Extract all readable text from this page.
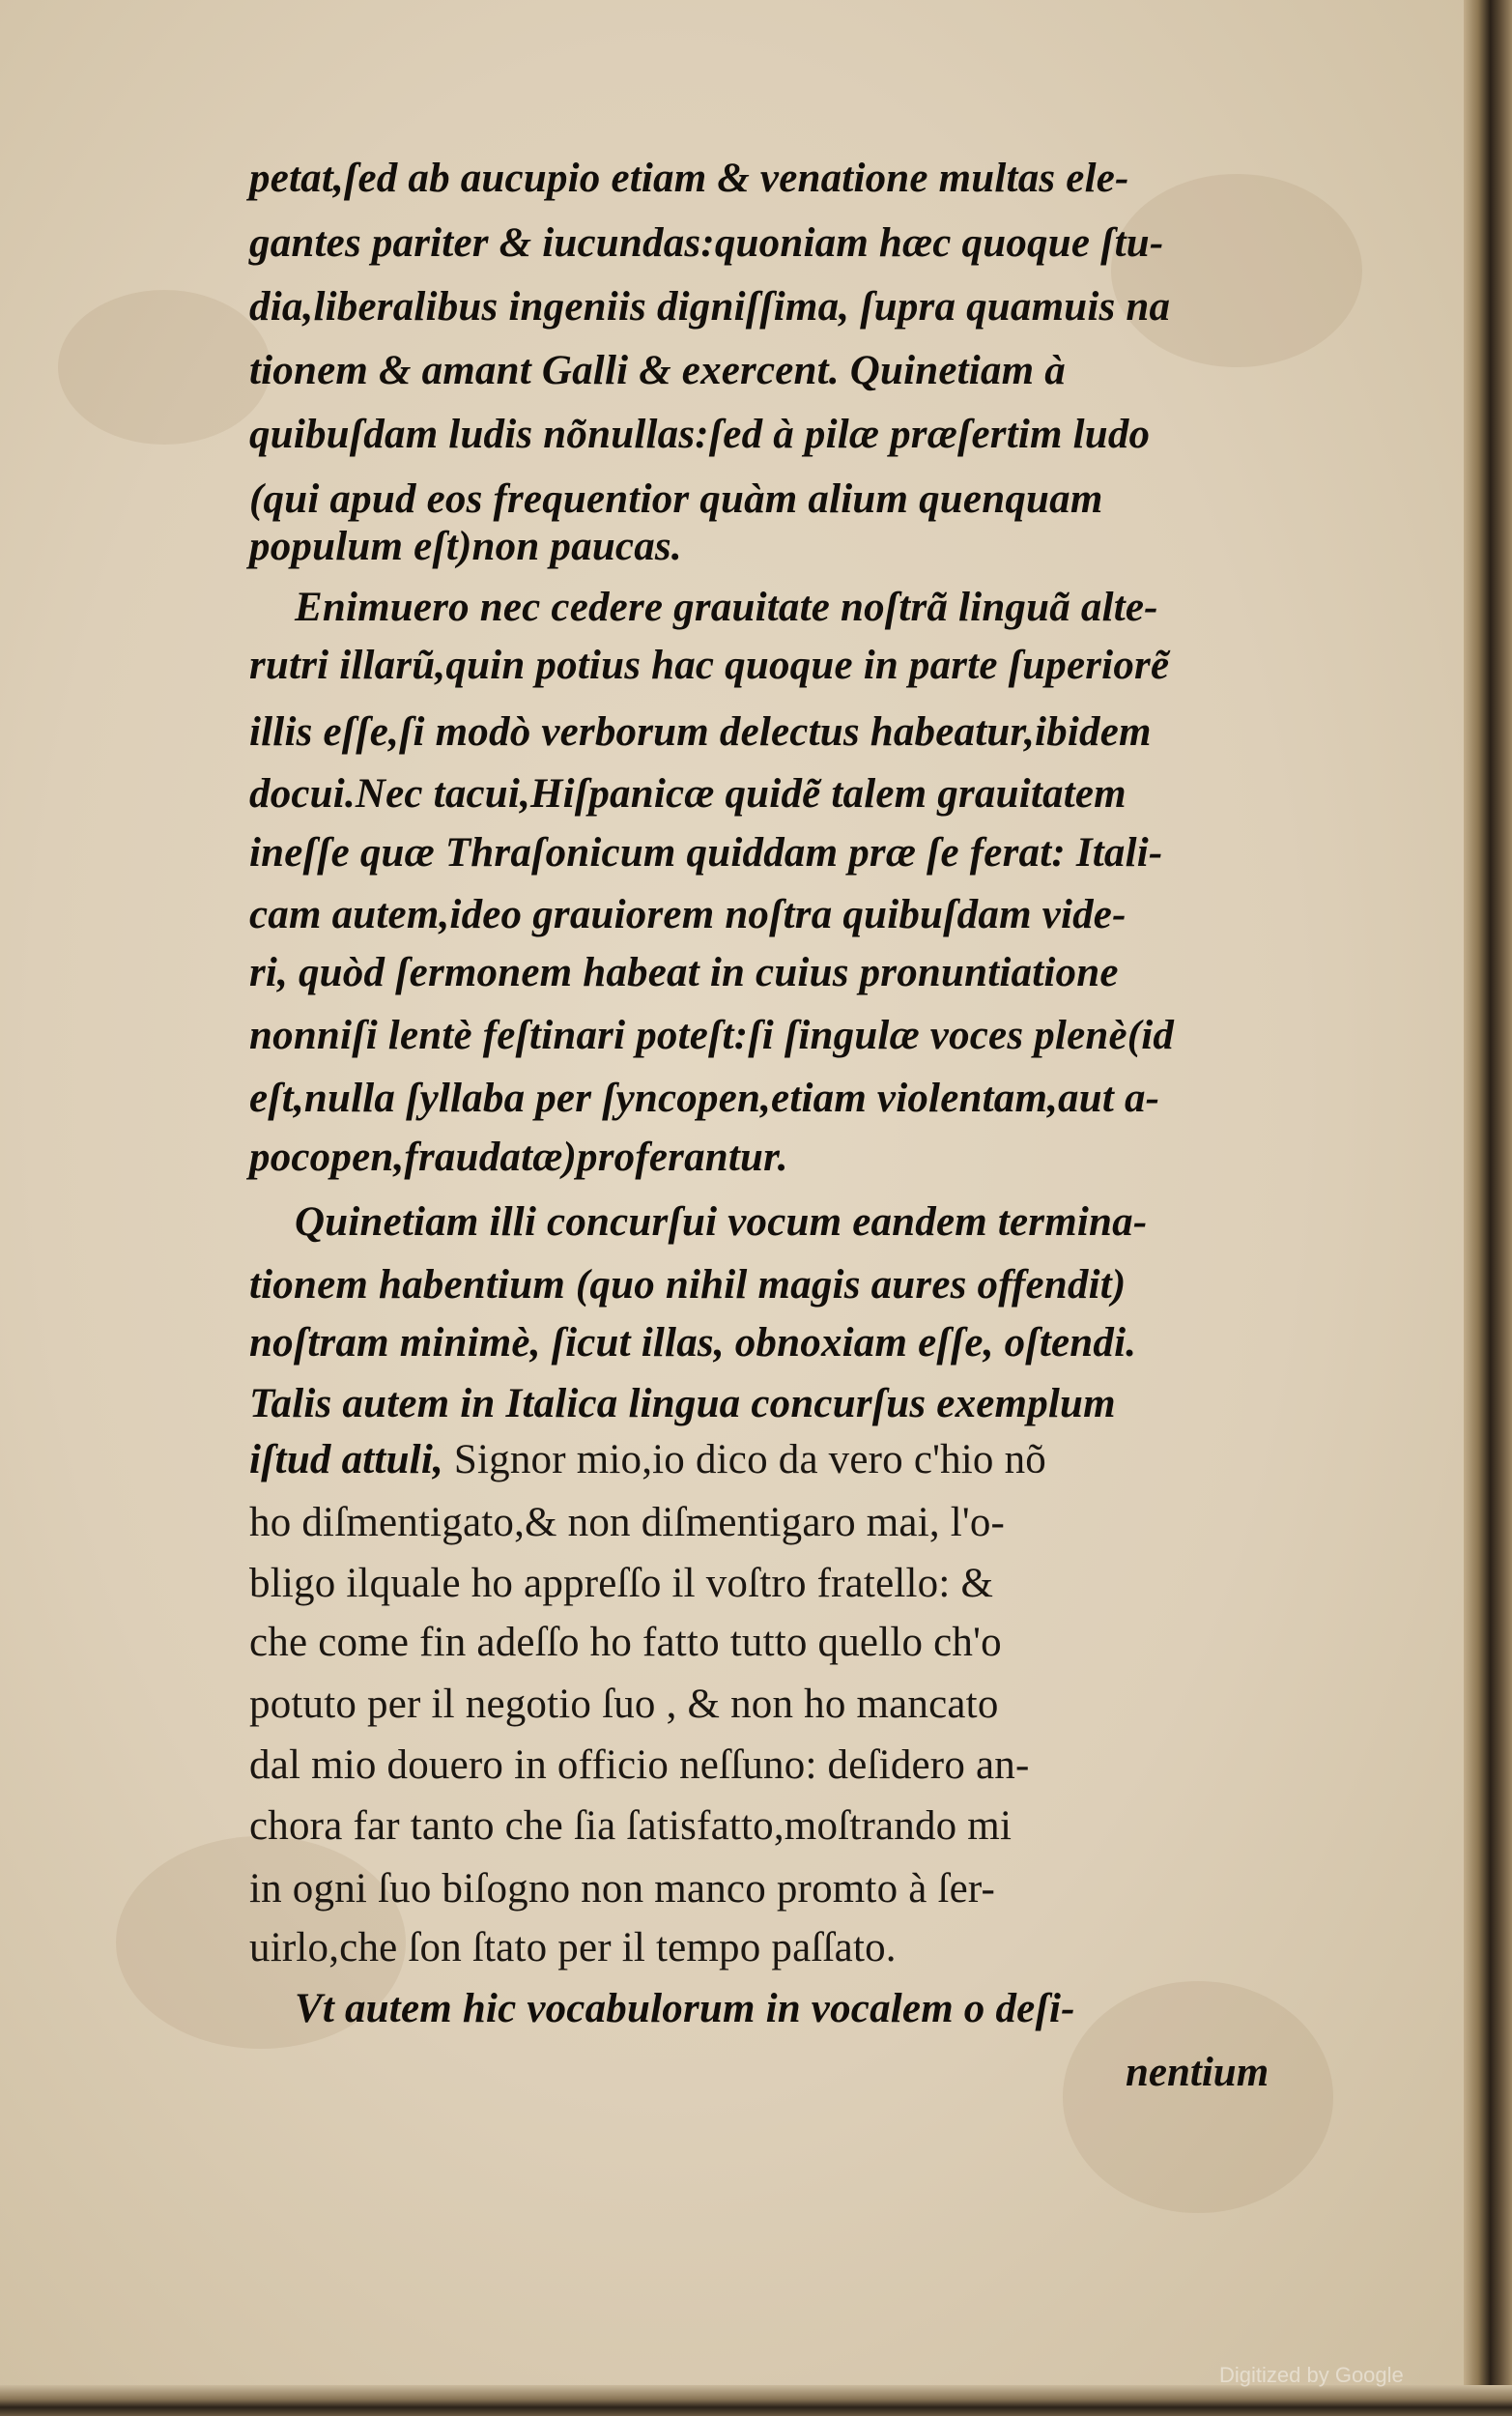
petat,ſed ab aucupio etiam & venatione multas ele-
gantes pariter & iucundas:quoniam hæc quoque ſtu-
dia,liberalibus ingeniis digniſſima, ſupra quamuis na
tionem & amant Galli & exercent. Quinetiam à
quibuſdam ludis nõnullas:ſed à pilæ præſertim ludo
(qui apud eos frequentior quàm alium quenquam
populum eſt)non paucas.
Enimuero nec cedere grauitate noſtrã linguã alte-
rutri illarũ,quin potius hac quoque in parte ſuperiorẽ
illis eſſe,ſi modò verborum delectus habeatur,ibidem
docui.Nec tacui,Hiſpanicæ quidẽ talem grauitatem
ineſſe quæ Thraſonicum quiddam præ ſe ferat: Itali-
cam autem,ideo grauiorem noſtra quibuſdam vide-
ri, quòd ſermonem habeat in cuius pronuntiatione
nonniſi lentè feſtinari poteſt:ſi ſingulæ voces plenè(id
eſt,nulla ſyllaba per ſyncopen,etiam violentam,aut a-
pocopen,fraudatæ)proferantur.
Quinetiam illi concurſui vocum eandem termina-
tionem habentium (quo nihil magis aures offendit)
noſtram minimè, ſicut illas, obnoxiam eſſe, oſtendi.
Talis autem in Italica lingua concurſus exemplum
iſtud attuli, Signor mio,io dico da vero c'hio nõ
ho diſmentigato,& non diſmentigaro mai, l'o-
bligo ilquale ho appreſſo il voſtro fratello: &
che come fin adeſſo ho fatto tutto quello ch'o
potuto per il negotio ſuo , & non ho mancato
dal mio douero in officio neſſuno: deſidero an-
chora far tanto che ſia ſatisfatto,moſtrando mi
in ogni ſuo biſogno non manco promto à ſer-
uirlo,che ſon ſtato per il tempo paſſato.
Vt autem hic vocabulorum in vocalem o deſi-
nentium
Digitized by Google
